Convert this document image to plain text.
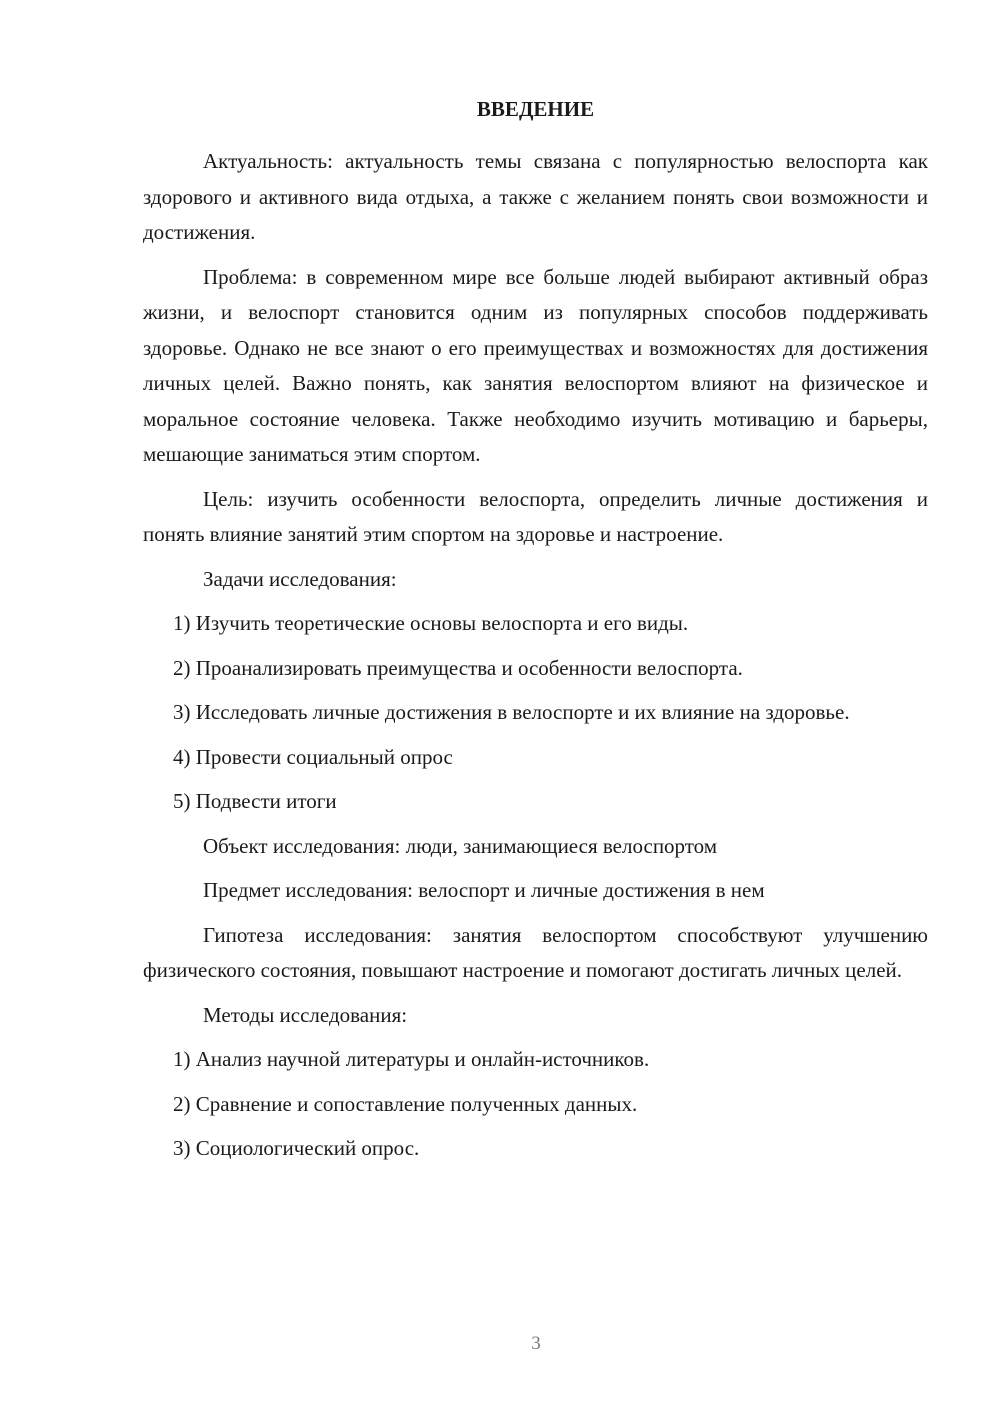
ВВЕДЕНИЕ

Актуальность: актуальность темы связана с популярностью велоспорта как здорового и активного вида отдыха, а также с желанием понять свои возможности и достижения.

Проблема: в современном мире все больше людей выбирают активный образ жизни, и велоспорт становится одним из популярных способов поддерживать здоровье. Однако не все знают о его преимуществах и возможностях для достижения личных целей. Важно понять, как занятия велоспортом влияют на физическое и моральное состояние человека. Также необходимо изучить мотивацию и барьеры, мешающие заниматься этим спортом.

Цель: изучить особенности велоспорта, определить личные достижения и понять влияние занятий этим спортом на здоровье и настроение.

Задачи исследования:

1) Изучить теоретические основы велоспорта и его виды.

2) Проанализировать преимущества и особенности велоспорта.

3) Исследовать личные достижения в велоспорте и их влияние на здоровье.

4) Провести социальный опрос

5) Подвести итоги

Объект исследования: люди, занимающиеся велоспортом

Предмет исследования: велоспорт и личные достижения в нем

Гипотеза исследования: занятия велоспортом способствуют улучшению физического состояния, повышают настроение и помогают достигать личных целей.

Методы исследования:

1) Анализ научной литературы и онлайн-источников.

2) Сравнение и сопоставление полученных данных.

3) Социологический опрос.

3
